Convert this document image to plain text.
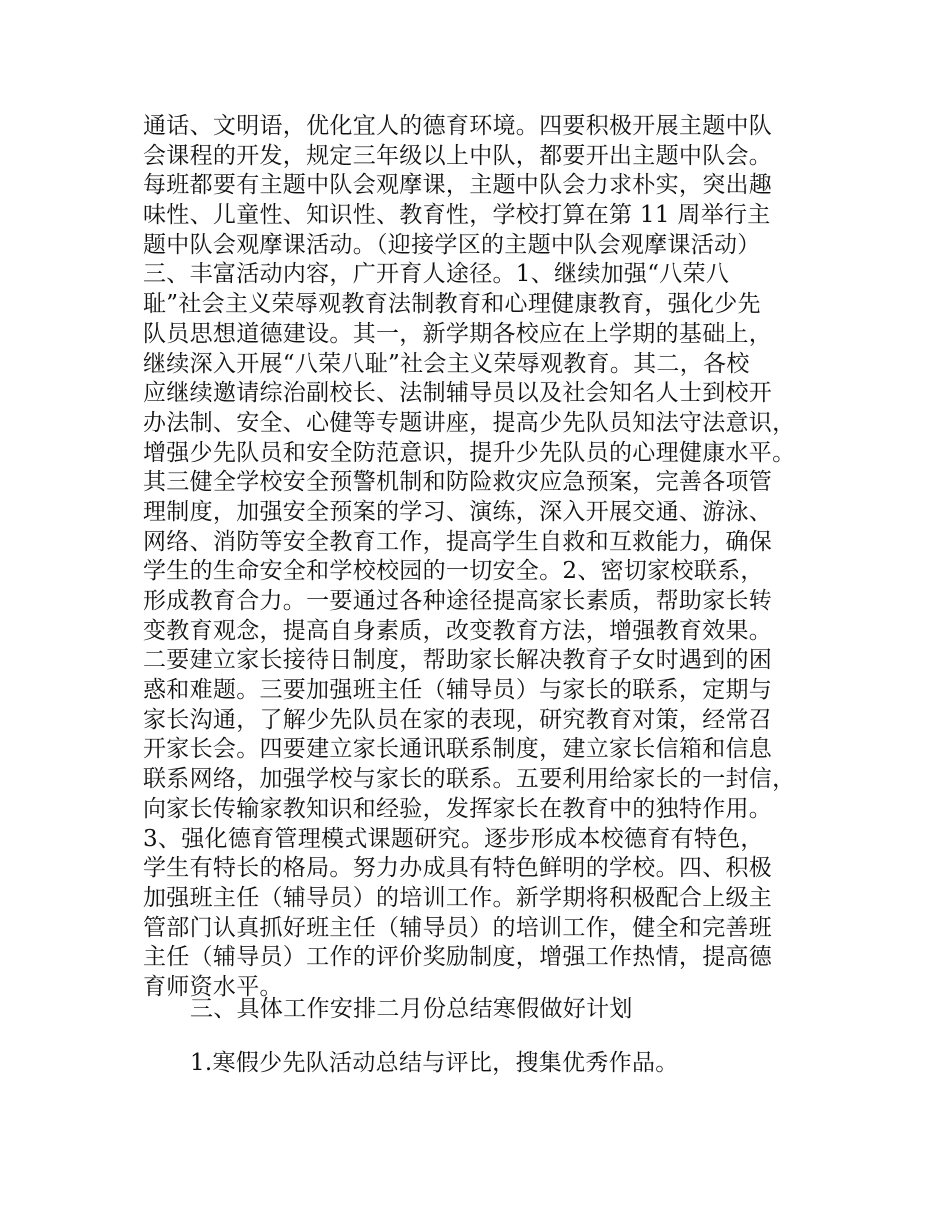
通话、文明语，优化宜人的德育环境。四要积极开展主题中队
会课程的开发，规定三年级以上中队，都要开出主题中队会。
每班都要有主题中队会观摩课，主题中队会力求朴实，突出趣
味性、儿童性、知识性、教育性，学校打算在第 11 周举行主
题中队会观摩课活动。（迎接学区的主题中队会观摩课活动）
三、丰富活动内容，广开育人途径。1、继续加强“八荣八
耻”社会主义荣辱观教育法制教育和心理健康教育，强化少先
队员思想道德建设。其一，新学期各校应在上学期的基础上，
继续深入开展“八荣八耻”社会主义荣辱观教育。其二，各校
应继续邀请综治副校长、法制辅导员以及社会知名人士到校开
办法制、安全、心健等专题讲座，提高少先队员知法守法意识，
增强少先队员和安全防范意识，提升少先队员的心理健康水平。
其三健全学校安全预警机制和防险救灾应急预案，完善各项管
理制度，加强安全预案的学习、演练，深入开展交通、游泳、
网络、消防等安全教育工作，提高学生自救和互救能力，确保
学生的生命安全和学校校园的一切安全。2、密切家校联系，
形成教育合力。一要通过各种途径提高家长素质，帮助家长转
变教育观念，提高自身素质，改变教育方法，增强教育效果。
二要建立家长接待日制度，帮助家长解决教育子女时遇到的困
惑和难题。三要加强班主任（辅导员）与家长的联系，定期与
家长沟通，了解少先队员在家的表现，研究教育对策，经常召
开家长会。四要建立家长通讯联系制度，建立家长信箱和信息
联系网络，加强学校与家长的联系。五要利用给家长的一封信，
向家长传输家教知识和经验，发挥家长在教育中的独特作用。
3、强化德育管理模式课题研究。逐步形成本校德育有特色，
学生有特长的格局。努力办成具有特色鲜明的学校。四、积极
加强班主任（辅导员）的培训工作。新学期将积极配合上级主
管部门认真抓好班主任（辅导员）的培训工作，健全和完善班
主任（辅导员）工作的评价奖励制度，增强工作热情，提高德
育师资水平。
三、具体工作安排二月份总结寒假做好计划
1.寒假少先队活动总结与评比，搜集优秀作品。
